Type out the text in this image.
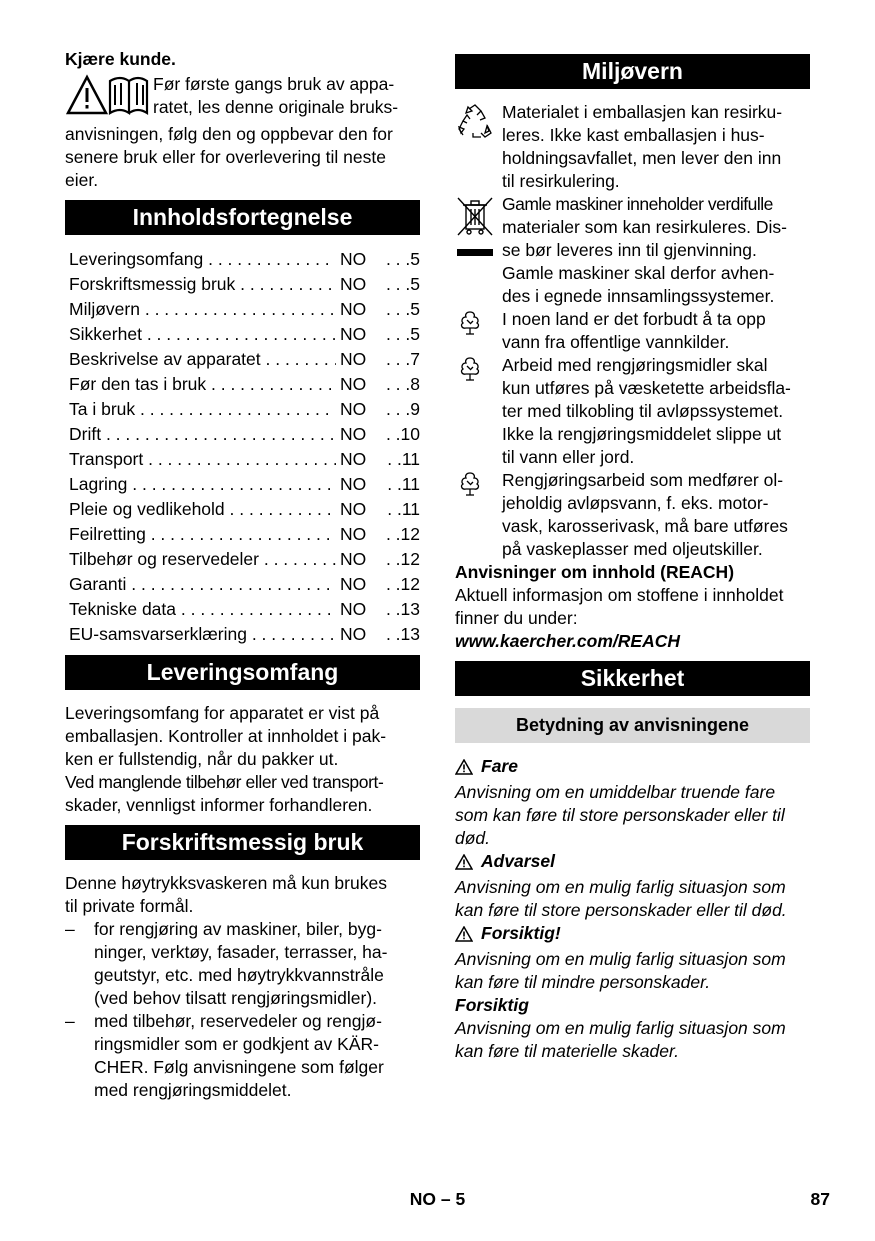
Kjære kunde.

Før første gangs bruk av appa-

ratet, les denne originale bruks-

anvisningen, følg den og oppbevar den for

senere bruk eller for overlevering til neste

eier.

Innholdsfortegnelse
Leveringsomfang . . .	NO	. . .5
Forskriftsmessig bruk . . .	NO	. . .5
Miljøvern . . .	NO	. . .5
Sikkerhet . . .	NO	. . .5
Beskrivelse av apparatet . . .	NO	. . .7
Før den tas i bruk . . .	NO	. . .8
Ta i bruk . . .	NO	. . .9
Drift . . .	NO	. .10
Transport . . .	NO	. .11
Lagring . . .	NO	. .11
Pleie og vedlikehold . . .	NO	. .11
Feilretting . . .	NO	. .12
Tilbehør og reservedeler . . .	NO	. .12
Garanti . . .	NO	. .12
Tekniske data . . .	NO	. .13
EU-samsvarserklæring . . .	NO	. .13
Leveringsomfang

Leveringsomfang for apparatet er vist på

emballasjen. Kontroller at innholdet i pak-

ken er fullstendig, når du pakker ut.

Ved manglende tilbehør eller ved transport-

skader, vennligst informer forhandleren.

Forskriftsmessig bruk

Denne høytrykksvaskeren må kun brukes

til private formål.

– for rengjøring av maskiner, biler, byg-

ninger, verktøy, fasader, terrasser, ha-

geutstyr, etc. med høytrykkvannstråle

(ved behov tilsatt rengjøringsmidler).

– med tilbehør, reservedeler og rengjø-

ringsmidler som er godkjent av KÄR-

CHER. Følg anvisningene som følger

med rengjøringsmiddelet.

Miljøvern

Materialet i emballasjen kan resirku-

leres. Ikke kast emballasjen i hus-

holdningsavfallet, men lever den inn

til resirkulering.

Gamle maskiner inneholder verdifulle

materialer som kan resirkuleres. Dis-

se bør leveres inn til gjenvinning.

Gamle maskiner skal derfor avhen-

des i egnede innsamlingssystemer.

I noen land er det forbudt å ta opp

vann fra offentlige vannkilder.

Arbeid med rengjøringsmidler skal

kun utføres på væsketette arbeidsfla-

ter med tilkobling til avløpssystemet.

Ikke la rengjøringsmiddelet slippe ut

til vann eller jord.

Rengjøringsarbeid som medfører ol-

jeholdig avløpsvann, f. eks. motor-

vask, karosserivask, må bare utføres

på vaskeplasser med oljeutskiller.

Anvisninger om innhold (REACH)

Aktuell informasjon om stoffene i innholdet

finner du under:

www.kaercher.com/REACH

Sikkerhet
Betydning av anvisningene

Fare

Anvisning om en umiddelbar truende fare

som kan føre til store personskader eller til

død.

Advarsel

Anvisning om en mulig farlig situasjon som

kan føre til store personskader eller til død.

Forsiktig!

Anvisning om en mulig farlig situasjon som

kan føre til mindre personskader.

Forsiktig

Anvisning om en mulig farlig situasjon som

kan føre til materielle skader.

NO – 5	87
